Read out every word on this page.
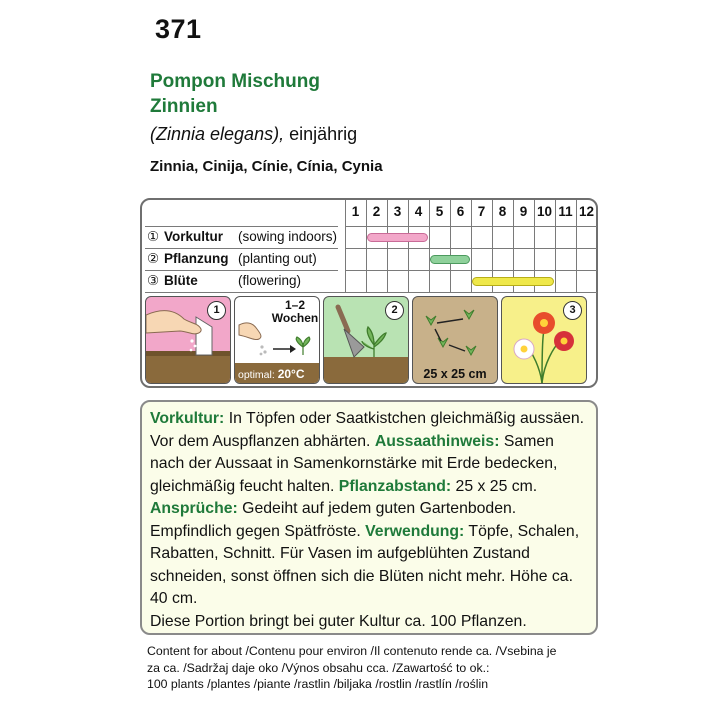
371
Pompon Mischung
Zinnien
(Zinnia elegans), einjährig
Zinnia, Cinija, Cínie, Cínia, Cynia
1 2 3 4 5 6 7 8 9 10 11 12
① Vorkultur (sowing indoors)
② Pflanzung (planting out)
③ Blüte	(flowering)
1	1–2
Wochen
optimal: 20°C
2
25 x 25 cm
3
Vorkultur: In Töpfen oder Saatkistchen gleichmäßig aussäen. Vor dem Auspflanzen abhärten. Aussaathinweis: Samen nach der Aussaat in Samenkornstärke mit Erde bedecken, gleichmäßig feucht halten. Pflanzabstand: 25 x 25 cm. Ansprüche: Gedeiht auf jedem guten Gartenboden. Empfindlich gegen Spätfröste. Verwendung: Töpfe, Schalen, Rabatten, Schnitt. Für Vasen im aufgeblühten Zustand schneiden, sonst öffnen sich die Blüten nicht mehr. Höhe ca. 40 cm.
Diese Portion bringt bei guter Kultur ca. 100 Pflanzen.
Content for about /Contenu pour environ /Il contenuto rende ca. /Vsebina je
za ca. /Sadržaj daje oko /Výnos obsahu cca. /Zawartość to ok.:
100 plants /plantes /piante /rastlin /biljaka /rostlin /rastlín /roślin
